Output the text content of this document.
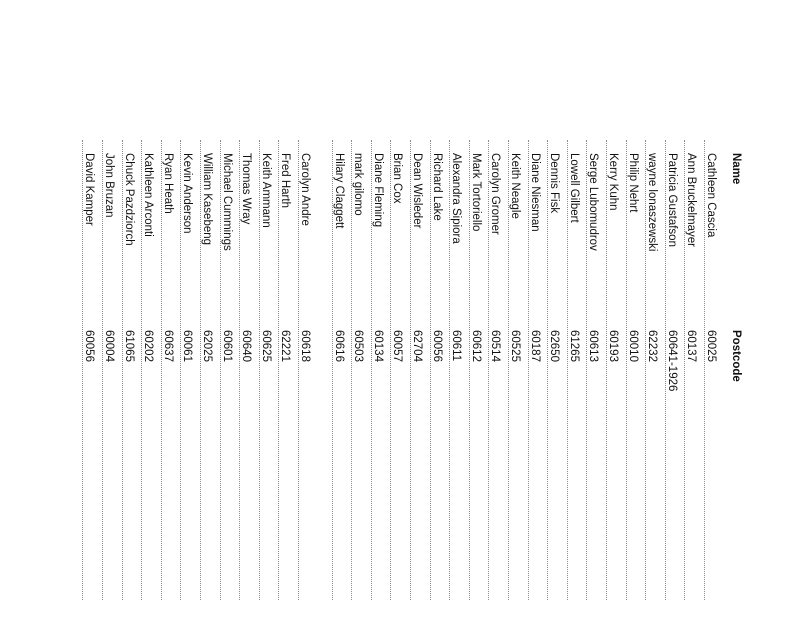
Name
Postcode
Cathleen Cascia
60025
Ann Bruckelmayer
60137
Patricia Gustafson
60641-1926
wayne lonaszewski
62232
Philip Nehrt
60010
Kerry Kuhn
60193
Serge Lubomudrov
60613
Lowell Gilbert
61265
Dennis Fisk
62650
Diane Niesman
60187
Keith Neagle
60525
Carolyn Gromer
60514
Mark Tortoriello
60612
Alexandra Sipiora
60611
Richard Lake
60056
Dean Wisleder
62704
Brian Cox
60057
Diane Fleming
60134
mark gilomo
60503
Hilary Claggett
60616
Carolyn Andre
60618
Fred Harth
62221
Keith Ammann
60625
Thomas Wray
60640
Michael Cummings
60601
William Kasebeng
62025
Kevin Anderson
60061
Ryan Heath
60637
Kathleen Arconti
60202
Chuck Pazdziorch
61065
John Bruzan
60004
David Kamper
60056
